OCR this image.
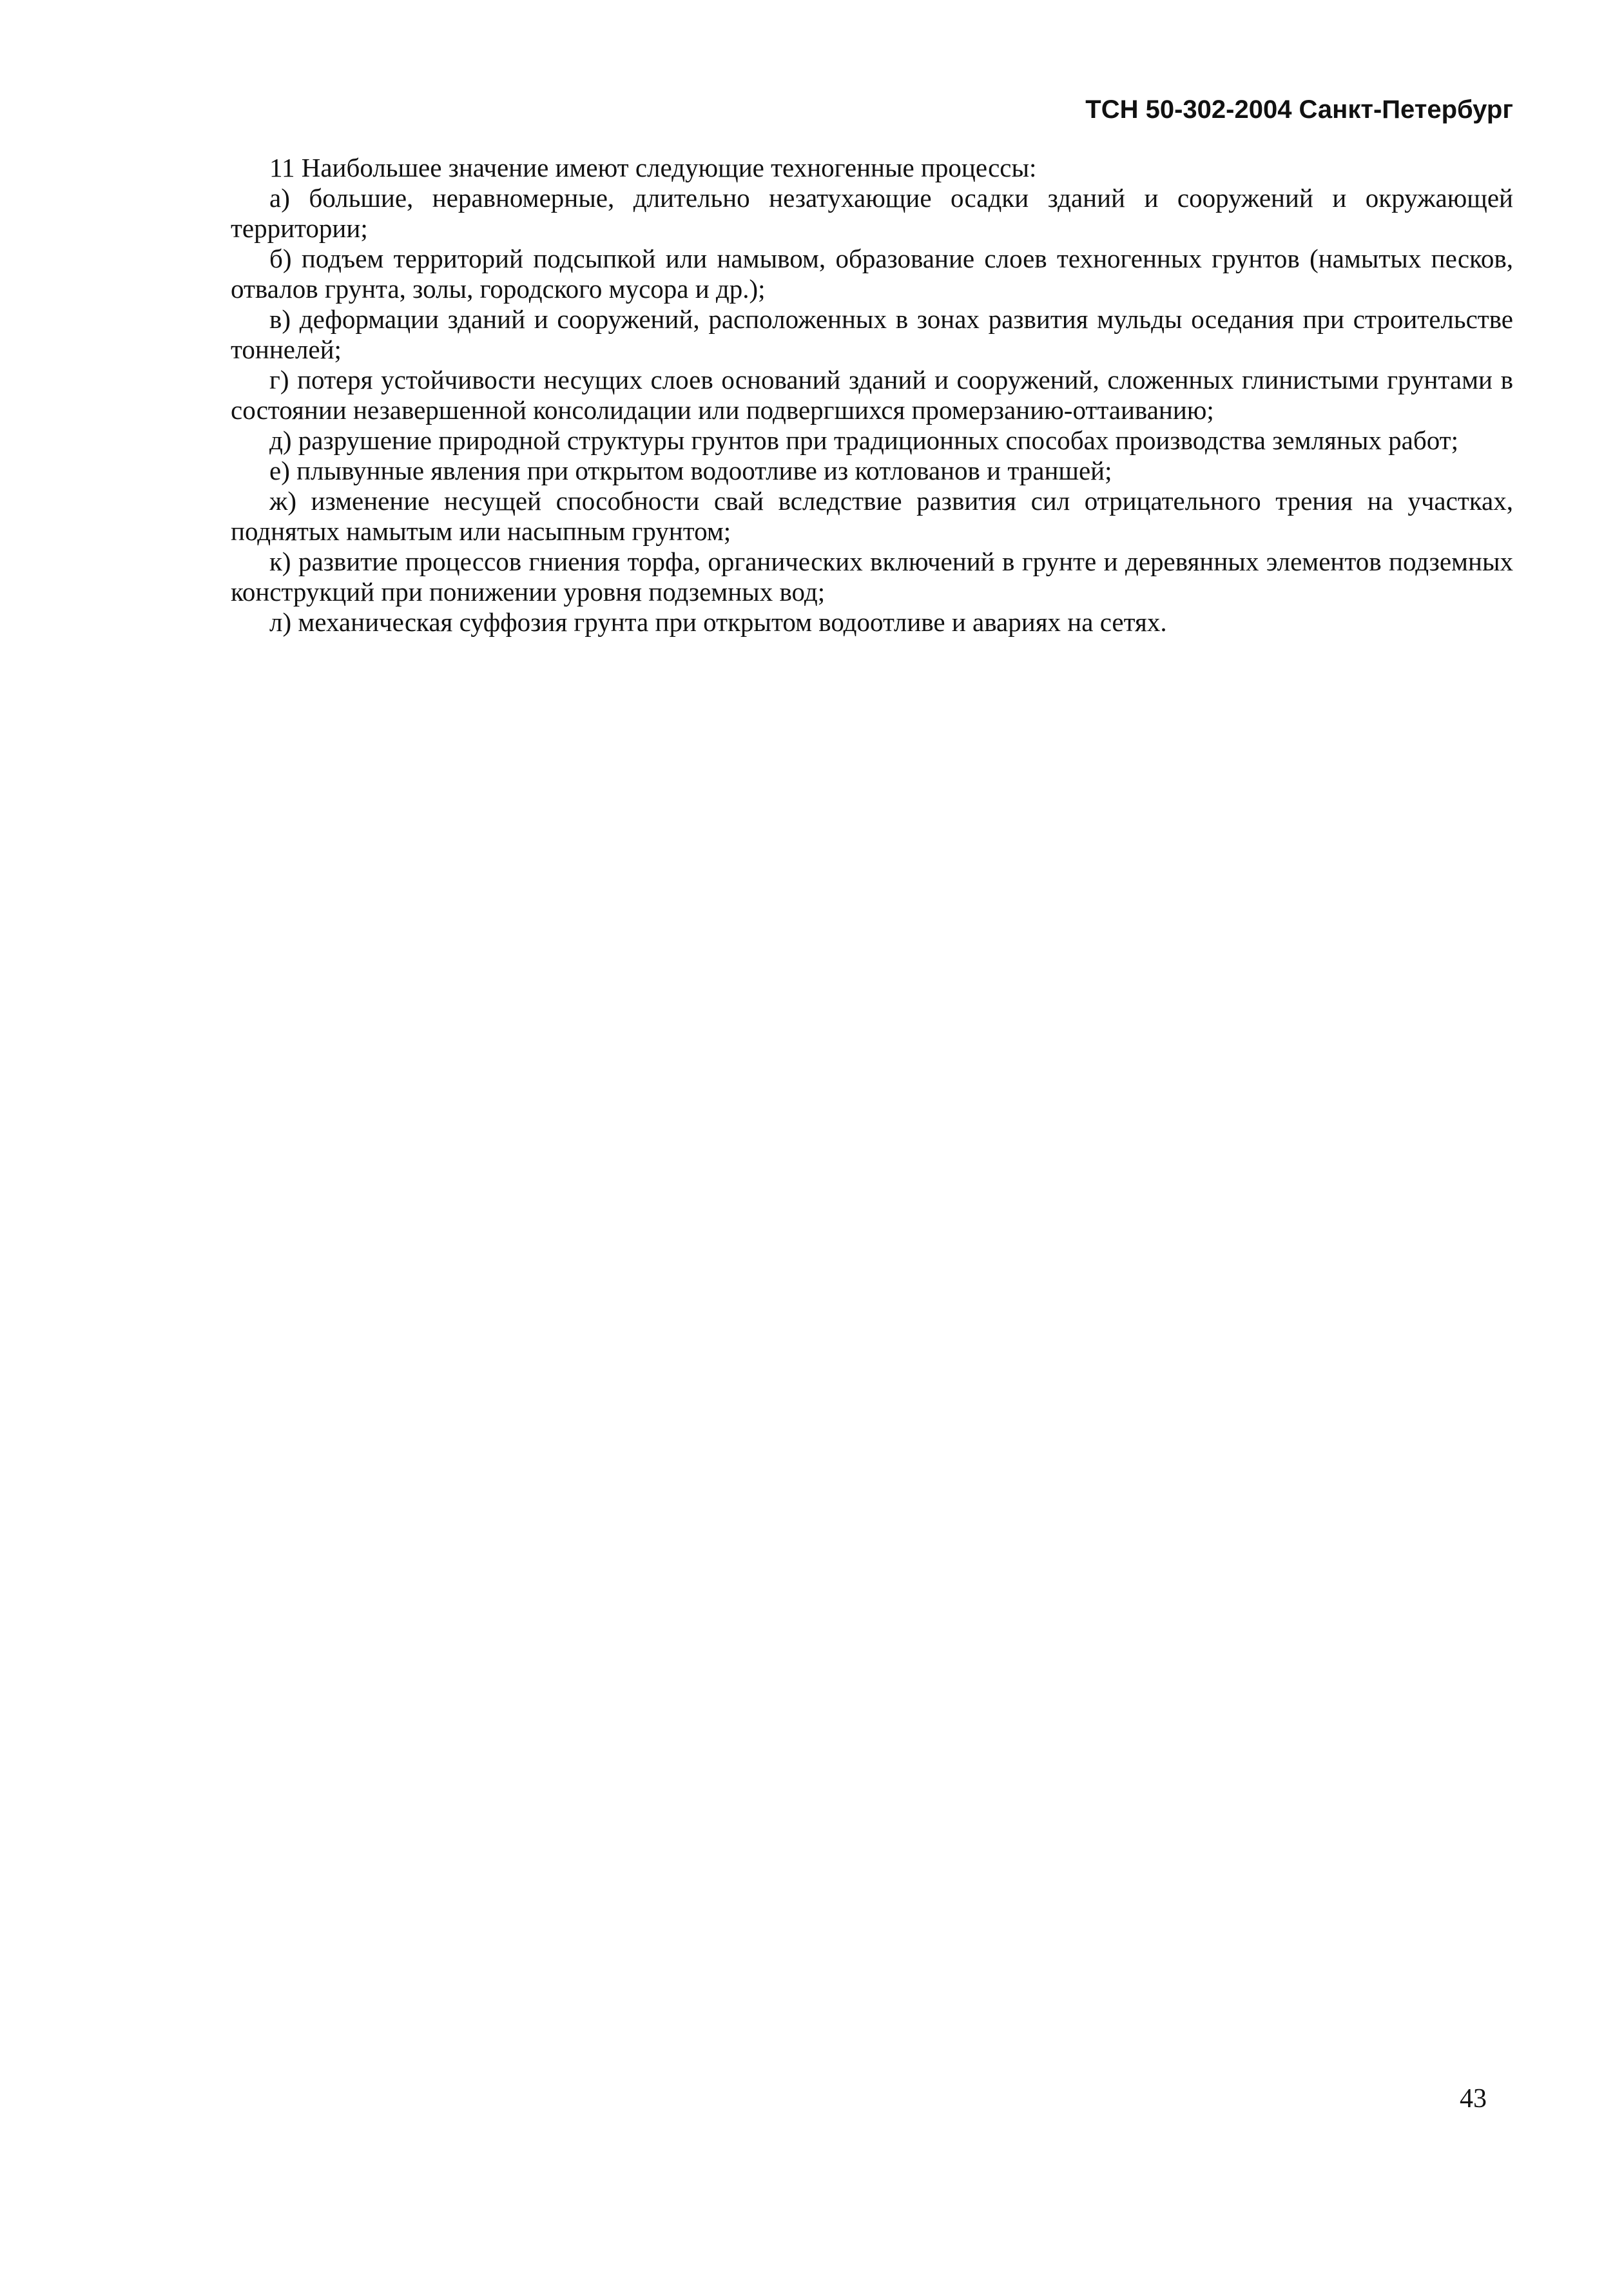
ТСН 50-302-2004 Санкт-Петербург

11 Наибольшее значение имеют следующие техногенные процессы:

а) большие, неравномерные, длительно незатухающие осадки зданий и сооружений и окружающей территории;

б) подъем территорий подсыпкой или намывом, образование слоев техногенных грунтов (намытых песков, отвалов грунта, золы, городского мусора и др.);

в) деформации зданий и сооружений, расположенных в зонах развития мульды оседания при строительстве тоннелей;

г) потеря устойчивости несущих слоев оснований зданий и сооружений, сложенных глинистыми грунтами в состоянии незавершенной консолидации или подвергшихся промерзанию-оттаиванию;

д) разрушение природной структуры грунтов при традиционных способах производства земляных работ;

е) плывунные явления при открытом водоотливе из котлованов и траншей;

ж) изменение несущей способности свай вследствие развития сил отрицательного трения на участках, поднятых намытым или насыпным грунтом;

к) развитие процессов гниения торфа, органических включений в грунте и деревянных элементов подземных конструкций при понижении уровня подземных вод;

л) механическая суффозия грунта при открытом водоотливе и авариях на сетях.

43
